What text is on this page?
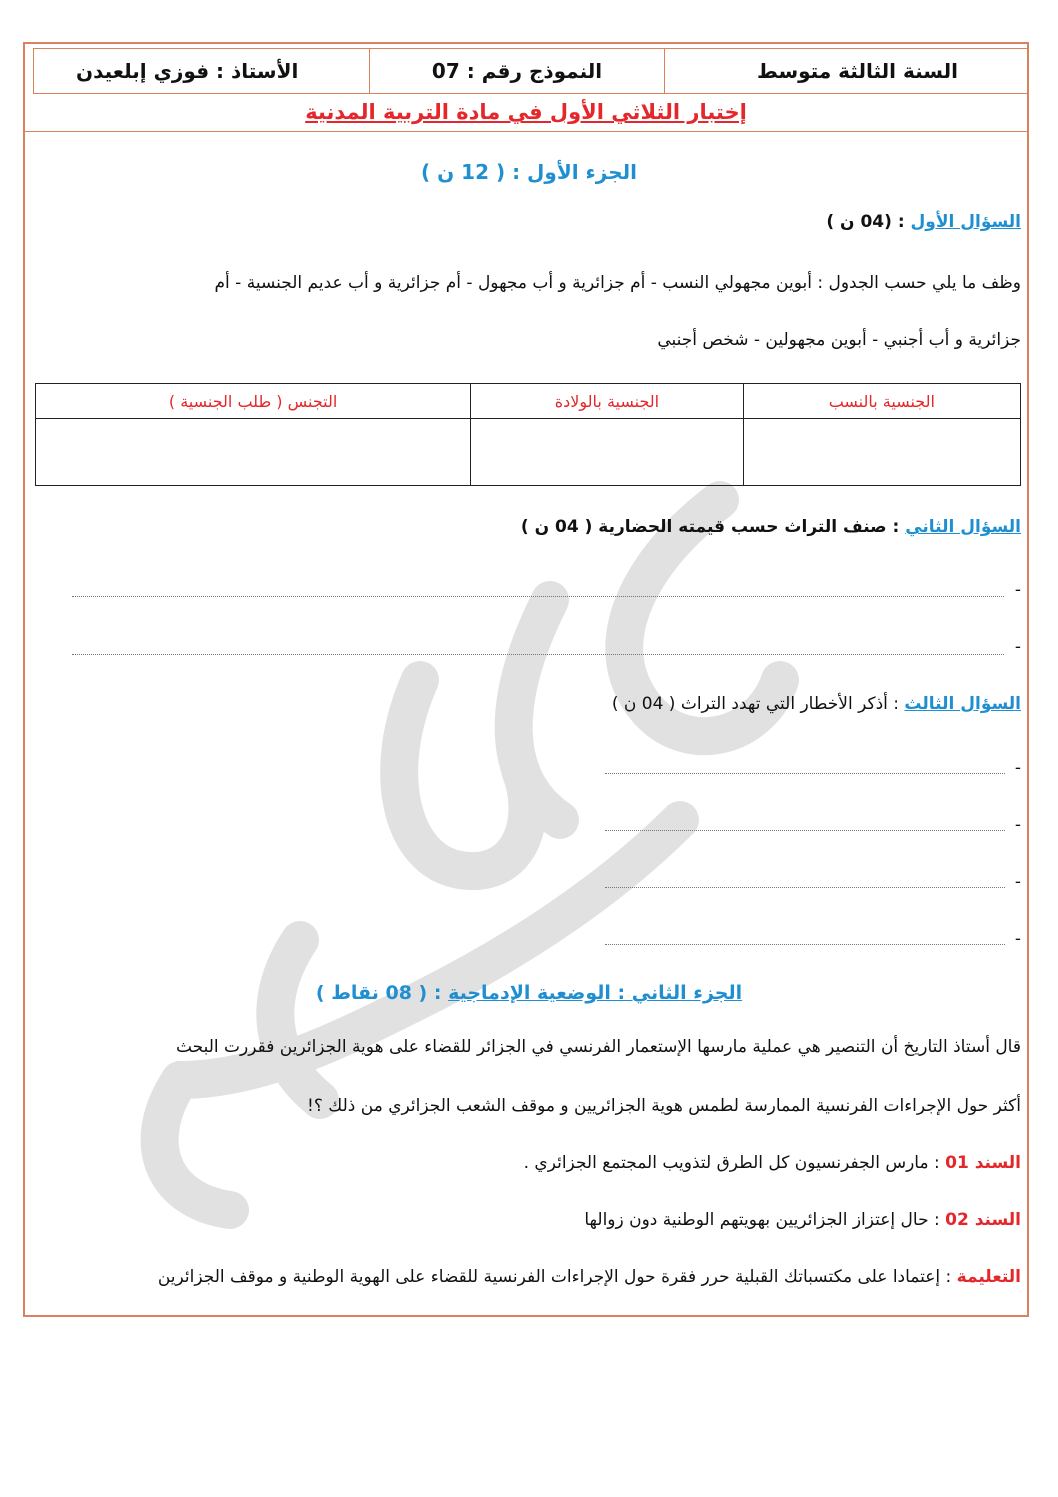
السنة الثالثة متوسط
النموذج رقم : 07
الأستاذ : فوزي إبلعيدن
إختبار الثلاثي الأول في مادة التربية المدنية
الجزء الأول : ( 12 ن )
السؤال الأول : (04 ن )
وظف ما يلي حسب الجدول : أبوين مجهولي النسب - أم جزائرية و أب مجهول - أم جزائرية و أب عديم الجنسية - أم
جزائرية و أب أجنبي - أبوين مجهولين - شخص أجنبي
الجنسية بالنسب	الجنسية بالولادة	التجنس ( طلب الجنسية )

السؤال الثاني : صنف التراث حسب قيمته الحضارية ( 04 ن )
-
-
السؤال الثالث : أذكر الأخطار التي تهدد التراث ( 04 ن )
-
-
-
-
الجزء الثاني : الوضعية الإدماجية : ( 08 نقاط )
قال أستاذ التاريخ أن التنصير هي عملية مارسها الإستعمار الفرنسي في الجزائر للقضاء على هوية الجزائرين فقررت البحث
أكثر حول الإجراءات الفرنسية الممارسة لطمس هوية الجزائريين و موقف الشعب الجزائري من ذلك ؟!
السند 01 : مارس الجفرنسيون كل الطرق لتذويب المجتمع الجزائري .
السند 02 : حال إعتزاز الجزائريين بهويتهم الوطنية دون زوالها
التعليمة : إعتمادا على مكتسباتك القبلية حرر فقرة حول الإجراءات الفرنسية للقضاء على الهوية الوطنية و موقف الجزائرين
